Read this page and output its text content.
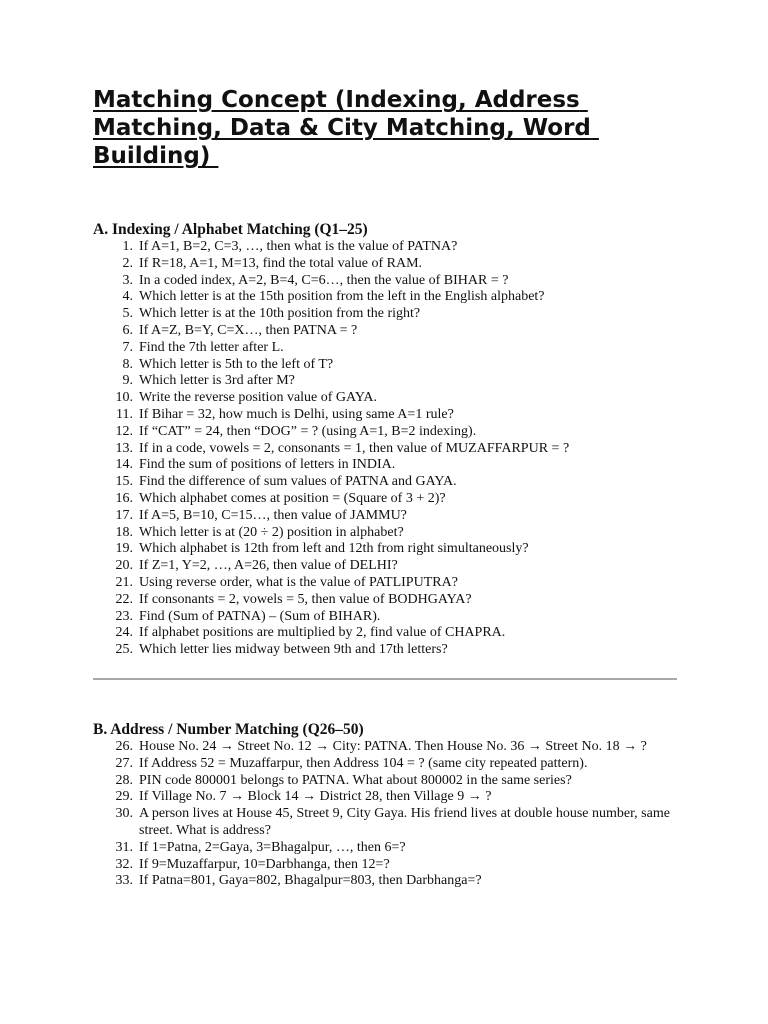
Matching Concept (Indexing, Address Matching, Data & City Matching, Word Building)
A. Indexing / Alphabet Matching (Q1–25)
1. If A=1, B=2, C=3, …, then what is the value of PATNA?
2. If R=18, A=1, M=13, find the total value of RAM.
3. In a coded index, A=2, B=4, C=6…, then the value of BIHAR = ?
4. Which letter is at the 15th position from the left in the English alphabet?
5. Which letter is at the 10th position from the right?
6. If A=Z, B=Y, C=X…, then PATNA = ?
7. Find the 7th letter after L.
8. Which letter is 5th to the left of T?
9. Which letter is 3rd after M?
10. Write the reverse position value of GAYA.
11. If Bihar = 32, how much is Delhi, using same A=1 rule?
12. If “CAT” = 24, then “DOG” = ? (using A=1, B=2 indexing).
13. If in a code, vowels = 2, consonants = 1, then value of MUZAFFARPUR = ?
14. Find the sum of positions of letters in INDIA.
15. Find the difference of sum values of PATNA and GAYA.
16. Which alphabet comes at position = (Square of 3 + 2)?
17. If A=5, B=10, C=15…, then value of JAMMU?
18. Which letter is at (20 ÷ 2) position in alphabet?
19. Which alphabet is 12th from left and 12th from right simultaneously?
20. If Z=1, Y=2, …, A=26, then value of DELHI?
21. Using reverse order, what is the value of PATLIPUTRA?
22. If consonants = 2, vowels = 5, then value of BODHGAYA?
23. Find (Sum of PATNA) – (Sum of BIHAR).
24. If alphabet positions are multiplied by 2, find value of CHAPRA.
25. Which letter lies midway between 9th and 17th letters?
B. Address / Number Matching (Q26–50)
26. House No. 24 → Street No. 12 → City: PATNA. Then House No. 36 → Street No. 18 → ?
27. If Address 52 = Muzaffarpur, then Address 104 = ? (same city repeated pattern).
28. PIN code 800001 belongs to PATNA. What about 800002 in the same series?
29. If Village No. 7 → Block 14 → District 28, then Village 9 → ?
30. A person lives at House 45, Street 9, City Gaya. His friend lives at double house number, same street. What is address?
31. If 1=Patna, 2=Gaya, 3=Bhagalpur, …, then 6=?
32. If 9=Muzaffarpur, 10=Darbhanga, then 12=?
33. If Patna=801, Gaya=802, Bhagalpur=803, then Darbhanga=?
